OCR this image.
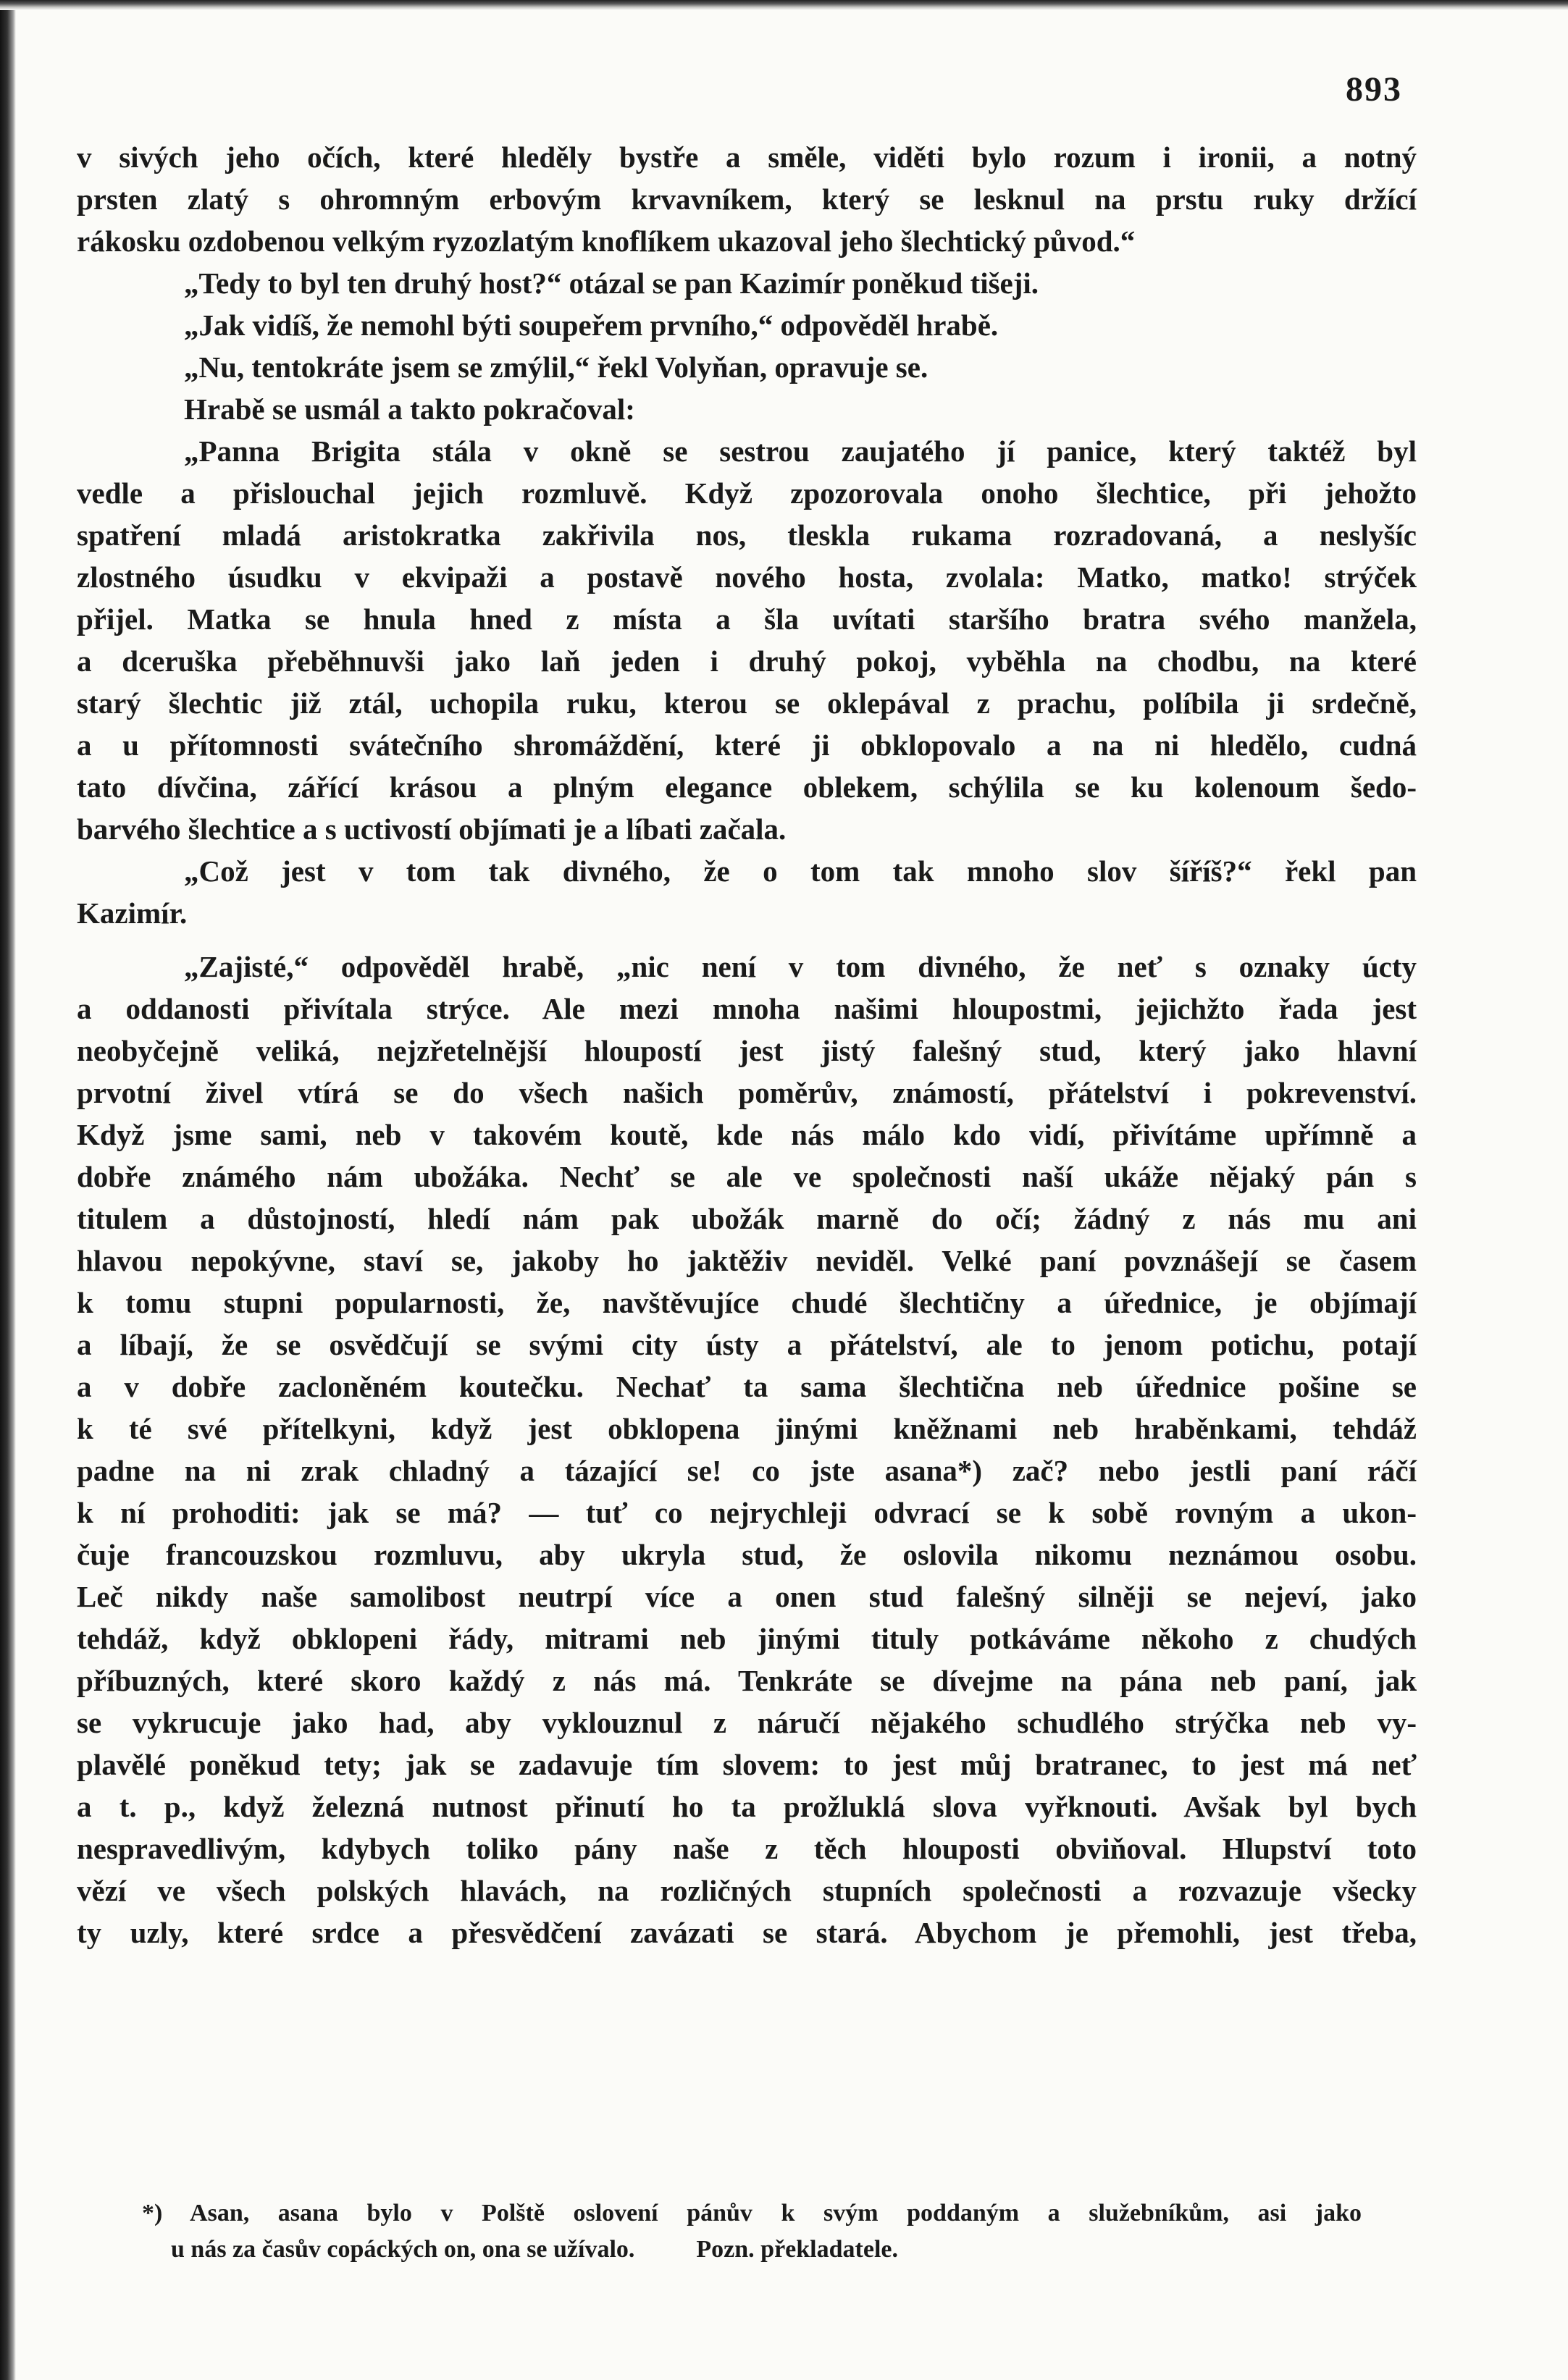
893
v sivých jeho očích, které hleděly bystře a směle, viděti bylo rozum i ironii, a notný
prsten zlatý s ohromným erbovým krvavníkem, který se lesknul na prstu ruky držící
rákosku ozdobenou velkým ryzozlatým knoflíkem ukazoval jeho šlechtický původ.“
„Tedy to byl ten druhý host?“ otázal se pan Kazimír poněkud tišeji.
„Jak vidíš, že nemohl býti soupeřem prvního,“ odpověděl hrabě.
„Nu, tentokráte jsem se zmýlil,“ řekl Volyňan, opravuje se.
Hrabě se usmál a takto pokračoval:
„Panna Brigita stála v okně se sestrou zaujatého jí panice, který taktéž byl
vedle a přislouchal jejich rozmluvě. Když zpozorovala onoho šlechtice, při jehožto
spatření mladá aristokratka zakřivila nos, tleskla rukama rozradovaná, a neslyšíc
zlostného úsudku v ekvipaži a postavě nového hosta, zvolala: Matko, matko! strýček
přijel. Matka se hnula hned z místa a šla uvítati staršího bratra svého manžela,
a dceruška přeběhnuvši jako laň jeden i druhý pokoj, vyběhla na chodbu, na které
starý šlechtic již ztál, uchopila ruku, kterou se oklepával z prachu, políbila ji srdečně,
a u přítomnosti svátečního shromáždění, které ji obklopovalo a na ni hledělo, cudná
tato dívčina, zářící krásou a plným elegance oblekem, schýlila se ku kolenoum šedo-
barvého šlechtice a s uctivostí objímati je a líbati začala.
„Což jest v tom tak divného, že o tom tak mnoho slov šíříš?“ řekl pan
Kazimír.
„Zajisté,“ odpověděl hrabě, „nic není v tom divného, že neť s oznaky úcty
a oddanosti přivítala strýce. Ale mezi mnoha našimi hloupostmi, jejichžto řada jest
neobyčejně veliká, nejzřetelnější hloupostí jest jistý falešný stud, který jako hlavní
prvotní živel vtírá se do všech našich poměrův, známostí, přátelství i pokrevenství.
Když jsme sami, neb v takovém koutě, kde nás málo kdo vidí, přivítáme upřímně a
dobře známého nám ubožáka. Nechť se ale ve společnosti naší ukáže nějaký pán s
titulem a důstojností, hledí nám pak ubožák marně do očí; žádný z nás mu ani
hlavou nepokývne, staví se, jakoby ho jaktěživ neviděl. Velké paní povznášejí se časem
k tomu stupni popularnosti, že, navštěvujíce chudé šlechtičny a úřednice, je objímají
a líbají, že se osvědčují se svými city ústy a přátelství, ale to jenom potichu, potají
a v dobře zacloněném koutečku. Nechať ta sama šlechtična neb úřednice pošine se
k té své přítelkyni, když jest obklopena jinými kněžnami neb hraběnkami, tehdáž
padne na ni zrak chladný a tázající se! co jste asana*) zač? nebo jestli paní ráčí
k ní prohoditi: jak se má? — tuť co nejrychleji odvrací se k sobě rovným a ukon-
čuje francouzskou rozmluvu, aby ukryla stud, že oslovila nikomu neznámou osobu.
Leč nikdy naše samolibost neutrpí více a onen stud falešný silněji se nejeví, jako
tehdáž, když obklopeni řády, mitrami neb jinými tituly potkáváme někoho z chudých
příbuzných, které skoro každý z nás má. Tenkráte se dívejme na pána neb paní, jak
se vykrucuje jako had, aby vyklouznul z náručí nějakého schudlého strýčka neb vy-
plavělé poněkud tety; jak se zadavuje tím slovem: to jest můj bratranec, to jest má neť
a t. p., když železná nutnost přinutí ho ta prožluklá slova vyřknouti. Avšak byl bych
nespravedlivým, kdybych toliko pány naše z těch hlouposti obviňoval. Hlupství toto
vězí ve všech polských hlavách, na rozličných stupních společnosti a rozvazuje všecky
ty uzly, které srdce a přesvědčení zavázati se stará. Abychom je přemohli, jest třeba,
*) Asan, asana bylo v Polště oslovení pánův k svým poddaným a služebníkům, asi jako
u nás za časův copáckých on, ona se užívalo.          Pozn. překladatele.
